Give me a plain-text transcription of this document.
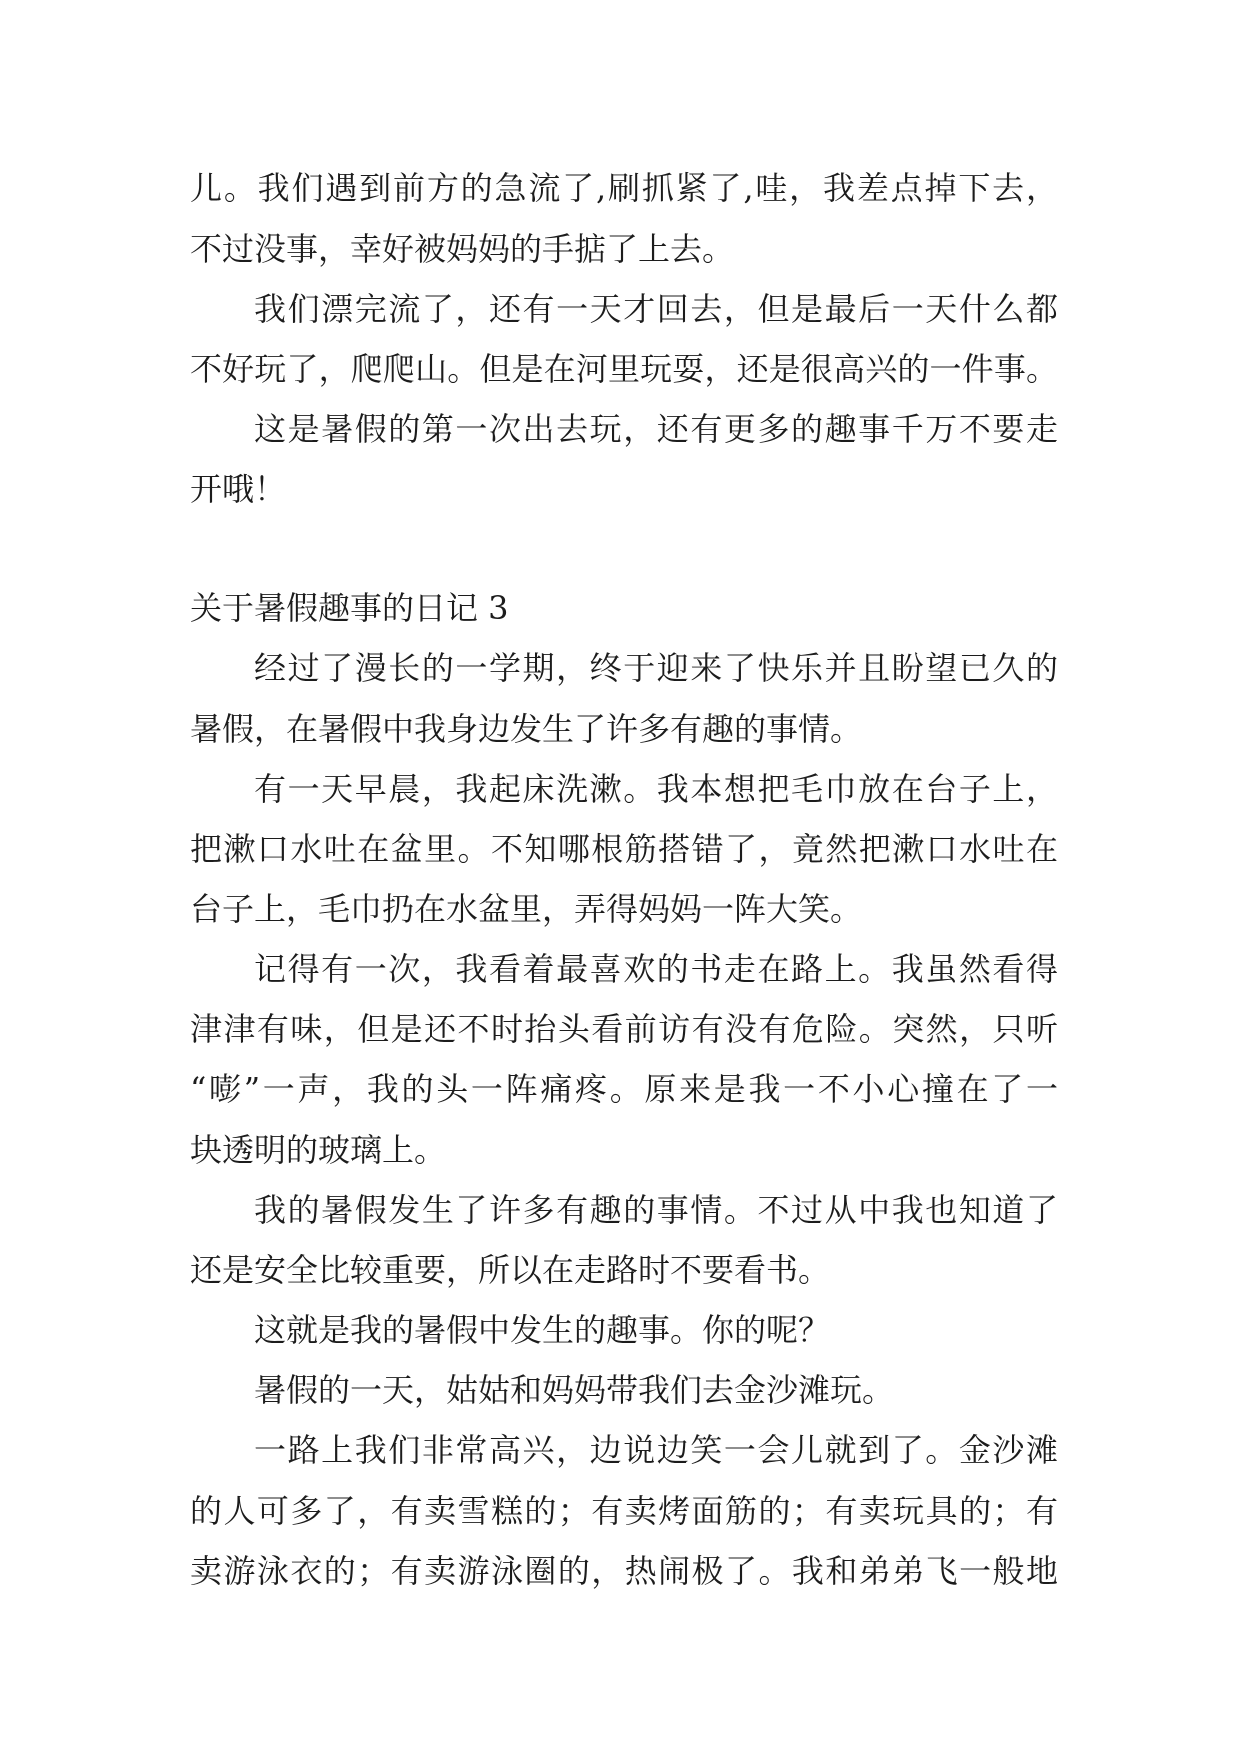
儿。我们遇到前方的急流了,刷抓紧了,哇，我差点掉下去，
不过没事，幸好被妈妈的手掂了上去。
我们漂完流了，还有一天才回去，但是最后一天什么都
不好玩了，爬爬山。但是在河里玩耍，还是很高兴的一件事。
这是暑假的第一次出去玩，还有更多的趣事千万不要走
开哦！
关于暑假趣事的日记 3
经过了漫长的一学期，终于迎来了快乐并且盼望已久的
暑假，在暑假中我身边发生了许多有趣的事情。
有一天早晨，我起床洗漱。我本想把毛巾放在台子上，
把漱口水吐在盆里。不知哪根筋搭错了，竟然把漱口水吐在
台子上，毛巾扔在水盆里，弄得妈妈一阵大笑。
记得有一次，我看着最喜欢的书走在路上。我虽然看得
津津有味，但是还不时抬头看前访有没有危险。突然，只听
“嘭”一声，我的头一阵痛疼。原来是我一不小心撞在了一
块透明的玻璃上。
我的暑假发生了许多有趣的事情。不过从中我也知道了
还是安全比较重要，所以在走路时不要看书。
这就是我的暑假中发生的趣事。你的呢？
暑假的一天，姑姑和妈妈带我们去金沙滩玩。
一路上我们非常高兴，边说边笑一会儿就到了。金沙滩
的人可多了，有卖雪糕的；有卖烤面筋的；有卖玩具的；有
卖游泳衣的；有卖游泳圈的，热闹极了。我和弟弟飞一般地
